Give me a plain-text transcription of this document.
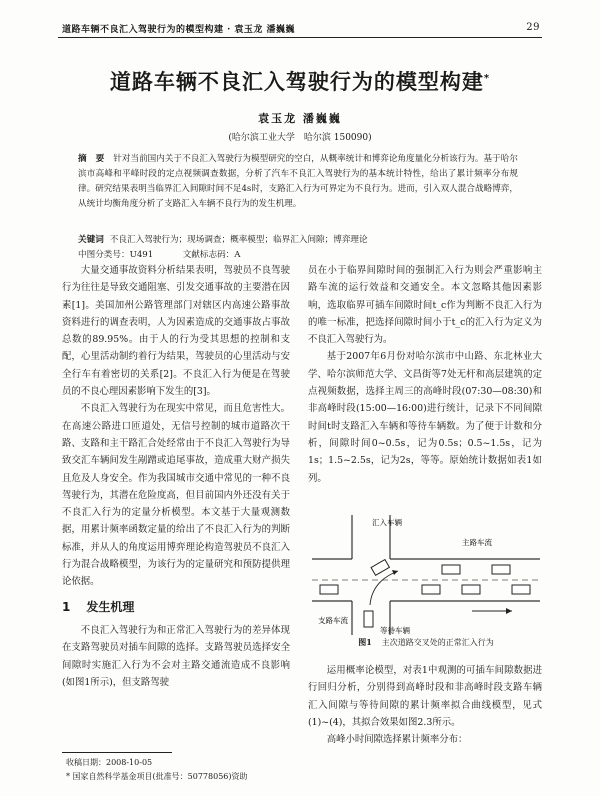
道路车辆不良汇入驾驶行为的模型构建 · 袁玉龙 潘巍巍	29
道路车辆不良汇入驾驶行为的模型构建*
袁玉龙 潘巍巍
(哈尔滨工业大学　哈尔滨 150090)
摘 要 针对当前国内关于不良汇入驾驶行为模型研究的空白，从概率统计和博弈论角度量化分析该行为。基于哈尔滨市高峰和平峰时段的定点视频调查数据，分析了汽车不良汇入驾驶行为的基本统计特性，给出了累计频率分布规律。研究结果表明当临界汇入间隙时间不足4s时，支路汇入行为可界定为不良行为。进而，引入双人混合战略博弈，从统计均衡角度分析了支路汇入车辆不良行为的发生机理。
关键词 不良汇入驾驶行为；现场调查；概率模型；临界汇入间隙；博弈理论
中图分类号：U491	文献标志码：A

大量交通事故资料分析结果表明，驾驶员不良驾驶行为往往是导致交通阻塞、引发交通事故的主要潜在因素[1]。美国加州公路管理部门对辖区内高速公路事故资料进行的调查表明，人为因素造成的交通事故占事故总数的89.95%。由于人的行为受其思想的控制和支配，心里活动制约着行为结果，驾驶员的心里活动与安全行车有着密切的关系[2]。不良汇入行为便是在驾驶员的不良心理因素影响下发生的[3]。

不良汇入驾驶行为在现实中常见，而且危害性大。在高速公路进口匝道处，无信号控制的城市道路次干路、支路和主干路汇合处经常由于不良汇入驾驶行为导致交汇车辆间发生剐蹭或追尾事故，造成重大财产损失且危及人身安全。作为我国城市交通中常见的一种不良驾驶行为，其潜在危险度高，但目前国内外还没有关于不良汇入行为的定量分析模型。本文基于大量观测数据，用累计频率函数定量的给出了不良汇入行为的判断标准，并从人的角度运用博弈理论构造驾驶员不良汇入行为混合战略模型，为该行为的定量研究和预防提供理论依据。

1 发生机理

不良汇入驾驶行为和正常汇入驾驶行为的差异体现在支路驾驶员对插车间隙的选择。支路驾驶员选择安全间隙时实施汇入行为不会对主路交通流造成不良影响(如图1所示)，但支路驾驶

员在小于临界间隙时间的强制汇入行为则会严重影响主路车流的运行效益和交通安全。本文忽略其他因素影响，选取临界可插车间隙时间t_c作为判断不良汇入行为的唯一标准，把选择间隙时间小于t_c的汇入行为定义为不良汇入驾驶行为。

基于2007年6月份对哈尔滨市中山路、东北林业大学、哈尔滨师范大学、文昌街等7处无杆和高层建筑的定点视频数据，选择主周三的高峰时段(07:30—08:30)和非高峰时段(15:00—16:00)进行统计，记录下不同间隙时间t时支路汇入车辆和等待车辆数。为了便于计数和分析，间隙时间0~0.5s，记为0.5s；0.5~1.5s，记为1s；1.5~2.5s，记为2s，等等。原始统计数据如表1如列。

汇入车辆
主路车流
支路车流
等待车辆
图1 主次道路交叉处的正常汇入行为

运用概率论模型，对表1中观测的可插车间隙数据进行回归分析，分别得到高峰时段和非高峰时段支路车辆汇入间隙与等待间隙的累计频率拟合曲线模型，见式(1)~(4)，其拟合效果如图2.3所示。

高峰小时间隙选择累计频率分布：

收稿日期：2008-10-05
* 国家自然科学基金项目(批准号：50778056)资助
